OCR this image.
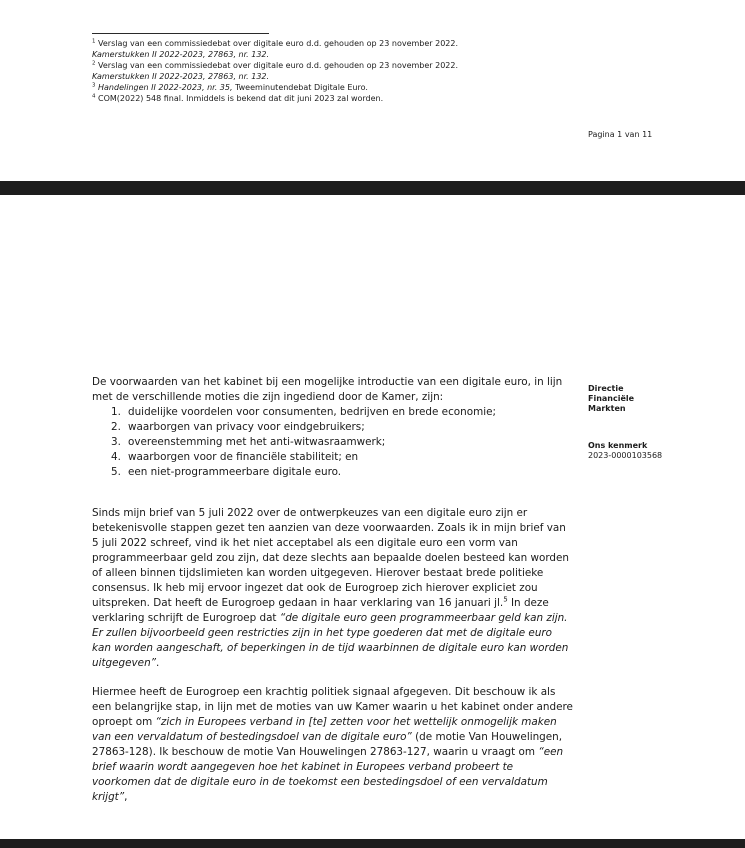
$^1$ Verslag van een commissiedebat over digitale euro d.d. gehouden op 23 november 2022.
Kamerstukken II 2022-2023, 27863, nr. 132.
$^2$ Verslag van een commissiedebat over digitale euro d.d. gehouden op 23 november 2022.
Kamerstukken II 2022-2023, 27863, nr. 132.
$^3$ Handelingen II 2022-2023, nr. 35, Tweeminutendebat Digitale Euro.
$^4$ COM(2022) 548 final. Inmiddels is bekend dat dit juni 2023 zal worden.
Pagina 1 van 11

De voorwaarden van het kabinet bij een mogelijke introductie van een digitale euro, in lijn met de verschillende moties die zijn ingediend door de Kamer, zijn:

1. duidelijke voordelen voor consumenten, bedrijven en brede economie;
2. waarborgen van privacy voor eindgebruikers;
3. overeenstemming met het anti-witwasraamwerk;
4. waarborgen voor de financiële stabiliteit; en
5. een niet-programmeerbare digitale euro.

Sinds mijn brief van 5 juli 2022 over de ontwerpkeuzes van een digitale euro zijn er betekenisvolle stappen gezet ten aanzien van deze voorwaarden. Zoals ik in mijn brief van 5 juli 2022 schreef, vind ik het niet acceptabel als een digitale euro een vorm van programmeerbaar geld zou zijn, dat deze slechts aan bepaalde doelen besteed kan worden of alleen binnen tijdslimieten kan worden uitgegeven. Hierover bestaat brede politieke consensus. Ik heb mij ervoor ingezet dat ook de Eurogroep zich hierover expliciet zou uitspreken. Dat heeft de Eurogroep gedaan in haar verklaring van 16 januari jl.$^5$ In deze verklaring schrijft de Eurogroep dat “de digitale euro geen programmeerbaar geld kan zijn. Er zullen bijvoorbeeld geen restricties zijn in het type goederen dat met de digitale euro kan worden aangeschaft, of beperkingen in de tijd waarbinnen de digitale euro kan worden uitgegeven”.

Hiermee heeft de Eurogroep een krachtig politiek signaal afgegeven. Dit beschouw ik als een belangrijke stap, in lijn met de moties van uw Kamer waarin u het kabinet onder andere oproept om “zich in Europees verband in [te] zetten voor het wettelijk onmogelijk maken van een vervaldatum of bestedingsdoel van de digitale euro” (de motie Van Houwelingen, 27863-128). Ik beschouw de motie Van Houwelingen 27863-127, waarin u vraagt om “een brief waarin wordt aangegeven hoe het kabinet in Europees verband probeert te voorkomen dat de digitale euro in de toekomst een bestedingsdoel of een vervaldatum krijgt”,

Directie Financiële Markten
Ons kenmerk
2023-0000103568
